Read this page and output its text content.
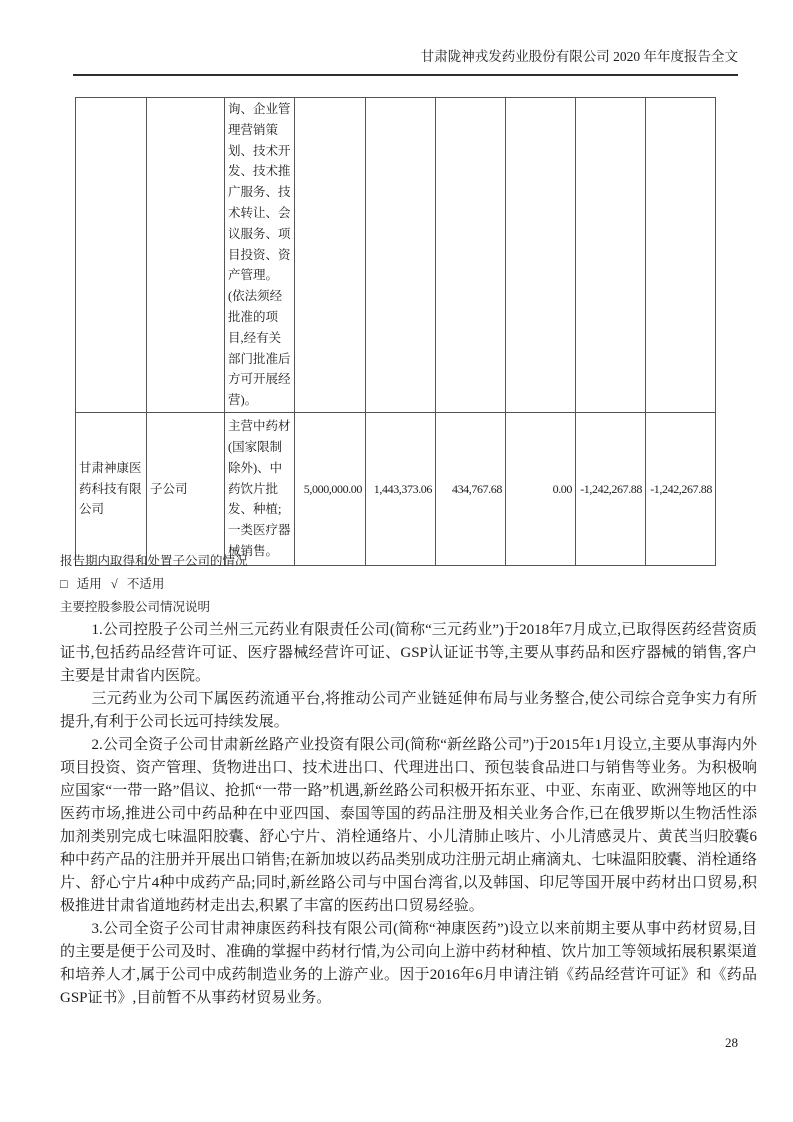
甘肃陇神戎发药业股份有限公司 2020 年年度报告全文
		询、企业管理营销策划、技术开发、技术推广服务、技术转让、会议服务、项目投资、资产管理。(依法须经批准的项目,经有关部门批准后方可开展经营)。						
甘肃神康医药科技有限公司	子公司	主营中药材(国家限制除外)、中药饮片批发、种植;一类医疗器械销售。	5,000,000.00	1,443,373.06	434,767.68	0.00	-1,242,267.88	-1,242,267.88
报告期内取得和处置子公司的情况
□ 适用 √ 不适用
主要控股参股公司情况说明

1.公司控股子公司兰州三元药业有限责任公司(简称“三元药业”)于2018年7月成立,已取得医药经营资质证书,包括药品经营许可证、医疗器械经营许可证、GSP认证证书等,主要从事药品和医疗器械的销售,客户主要是甘肃省内医院。

三元药业为公司下属医药流通平台,将推动公司产业链延伸布局与业务整合,使公司综合竞争实力有所提升,有利于公司长远可持续发展。

2.公司全资子公司甘肃新丝路产业投资有限公司(简称“新丝路公司”)于2015年1月设立,主要从事海内外项目投资、资产管理、货物进出口、技术进出口、代理进出口、预包装食品进口与销售等业务。为积极响应国家“一带一路”倡议、抢抓“一带一路”机遇,新丝路公司积极开拓东亚、中亚、东南亚、欧洲等地区的中医药市场,推进公司中药品种在中亚四国、泰国等国的药品注册及相关业务合作,已在俄罗斯以生物活性添加剂类别完成七味温阳胶囊、舒心宁片、消栓通络片、小儿清肺止咳片、小儿清感灵片、黄芪当归胶囊6种中药产品的注册并开展出口销售;在新加坡以药品类别成功注册元胡止痛滴丸、七味温阳胶囊、消栓通络片、舒心宁片4种中成药产品;同时,新丝路公司与中国台湾省,以及韩国、印尼等国开展中药材出口贸易,积极推进甘肃省道地药材走出去,积累了丰富的医药出口贸易经验。

3.公司全资子公司甘肃神康医药科技有限公司(简称“神康医药”)设立以来前期主要从事中药材贸易,目的主要是便于公司及时、准确的掌握中药材行情,为公司向上游中药材种植、饮片加工等领域拓展积累渠道和培养人才,属于公司中成药制造业务的上游产业。因于2016年6月申请注销《药品经营许可证》和《药品GSP证书》,目前暂不从事药材贸易业务。

28
